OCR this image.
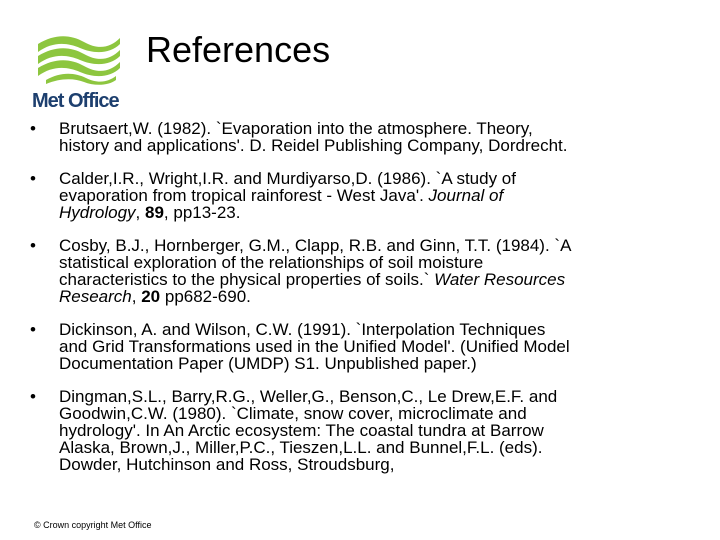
Met Office
References
• Brutsaert,W. (1982). `Evaporation into the atmosphere. Theory,
history and applications'. D. Reidel Publishing Company, Dordrecht.
• Calder,I.R., Wright,I.R. and Murdiyarso,D. (1986). `A study of
evaporation from tropical rainforest - West Java'. Journal of
Hydrology, 89, pp13-23.
• Cosby, B.J., Hornberger, G.M., Clapp, R.B. and Ginn, T.T. (1984). `A
statistical exploration of the relationships of soil moisture
characteristics to the physical properties of soils.` Water Resources
Research, 20 pp682-690.
• Dickinson, A. and Wilson, C.W. (1991). `Interpolation Techniques
and Grid Transformations used in the Unified Model'. (Unified Model
Documentation Paper (UMDP) S1. Unpublished paper.)
• Dingman,S.L., Barry,R.G., Weller,G., Benson,C., Le Drew,E.F. and
Goodwin,C.W. (1980). `Climate, snow cover, microclimate and
hydrology'. In An Arctic ecosystem: The coastal tundra at Barrow
Alaska, Brown,J., Miller,P.C., Tieszen,L.L. and Bunnel,F.L. (eds).
Dowder, Hutchinson and Ross, Stroudsburg,
© Crown copyright Met Office
